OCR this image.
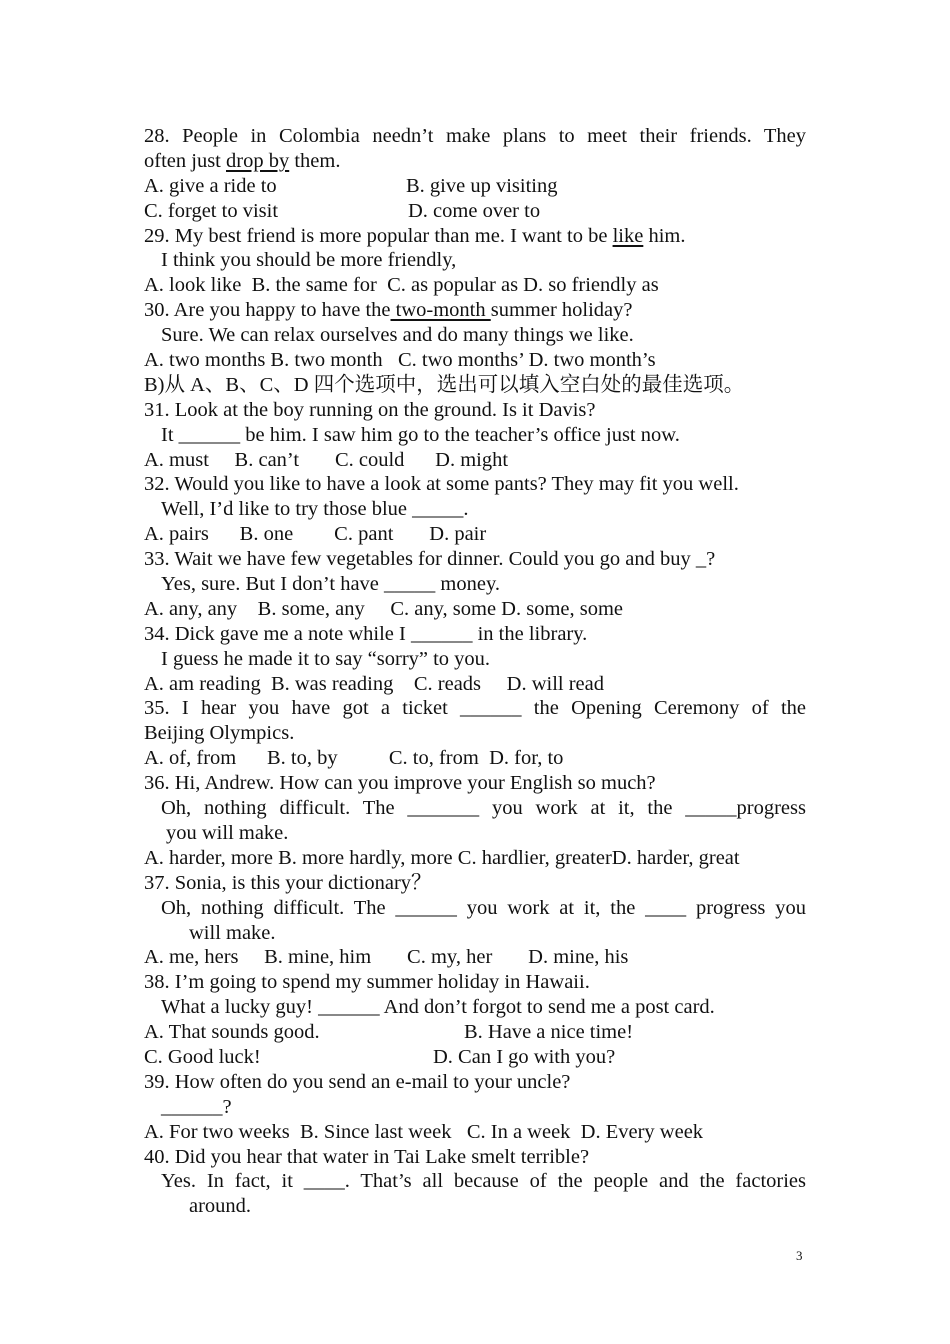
28. People in Colombia needn’t make plans to meet their friends. They
often just drop by them.
A. give a ride to	B. give up visiting
C. forget to visit	D. come over to
29. My best friend is more popular than me. I want to be like him.
I think you should be more friendly,
A. look like  B. the same for  C. as popular as D. so friendly as
30. Are you happy to have the two-month summer holiday?
Sure. We can relax ourselves and do many things we like.
A. two months B. two month   C. two months’ D. two month’s
B)从 A、B、C、D 四个选项中，选出可以填入空白处的最佳选项。
31. Look at the boy running on the ground. Is it Davis?
It ______ be him. I saw him go to the teacher’s office just now.
A. must     B. can’t       C. could      D. might
32. Would you like to have a look at some pants? They may fit you well.
Well, I’d like to try those blue _____.
A. pairs      B. one        C. pant       D. pair
33. Wait we have few vegetables for dinner. Could you go and buy _?
Yes, sure. But I don’t have _____ money.
A. any, any    B. some, any     C. any, some D. some, some
34. Dick gave me a note while I ______ in the library.
I guess he made it to say “sorry” to you.
A. am reading  B. was reading    C. reads     D. will read
35. I hear you have got a ticket ______ the Opening Ceremony of the
Beijing Olympics.
A. of, from      B. to, by          C. to, from  D. for, to
36. Hi, Andrew. How can you improve your English so much?
Oh, nothing difficult. The _______ you work at it, the _____progress
you will make.
A. harder, more B. more hardly, more C. hardlier, greaterD. harder, great
37. Sonia, is this your dictionary？
Oh, nothing difficult. The ______ you work at it, the ____ progress you
will make.
A. me, hers     B. mine, him       C. my, her       D. mine, his
38. I’m going to spend my summer holiday in Hawaii.
What a lucky guy! ______ And don’t forgot to send me a post card.
A. That sounds good.	B. Have a nice time!
C. Good luck!	D. Can I go with you?
39. How often do you send an e-mail to your uncle?
______?
A. For two weeks  B. Since last week   C. In a week  D. Every week
40. Did you hear that water in Tai Lake smelt terrible?
Yes. In fact, it ____. That’s all because of the people and the factories
around.
3
